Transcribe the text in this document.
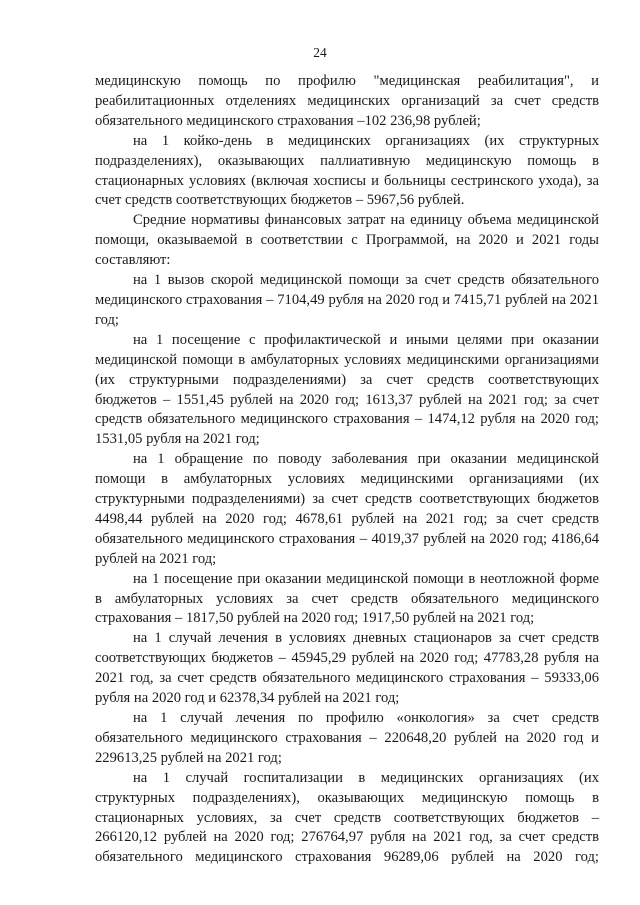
24

медицинскую помощь по профилю "медицинская реабилитация", и реабилитационных отделениях медицинских организаций за счет средств обязательного медицинского страхования –102 236,98 рублей;

на 1 койко-день в медицинских организациях (их структурных подразделениях), оказывающих паллиативную медицинскую помощь в стационарных условиях (включая хосписы и больницы сестринского ухода), за счет средств соответствующих бюджетов – 5967,56 рублей.

Средние нормативы финансовых затрат на единицу объема медицинской помощи, оказываемой в соответствии с Программой, на 2020 и 2021 годы составляют:

на 1 вызов скорой медицинской помощи за счет средств обязательного медицинского страхования – 7104,49 рубля на 2020 год и 7415,71 рублей на 2021 год;

на 1 посещение с профилактической и иными целями при оказании медицинской помощи в амбулаторных условиях медицинскими организациями (их структурными подразделениями) за счет средств соответствующих бюджетов – 1551,45 рублей на 2020 год; 1613,37 рублей на 2021 год; за счет средств обязательного медицинского страхования – 1474,12 рубля на 2020 год; 1531,05 рубля на 2021 год;

на 1 обращение по поводу заболевания при оказании медицинской помощи в амбулаторных условиях медицинскими организациями (их структурными подразделениями) за счет средств соответствующих бюджетов 4498,44 рублей на 2020 год; 4678,61 рублей на 2021 год; за счет средств обязательного медицинского страхования – 4019,37 рублей на 2020 год; 4186,64 рублей на 2021 год;

на 1 посещение при оказании медицинской помощи в неотложной форме в амбулаторных условиях за счет средств обязательного медицинского страхования – 1817,50 рублей на 2020 год; 1917,50 рублей на 2021 год;

на 1 случай лечения в условиях дневных стационаров за счет средств соответствующих бюджетов – 45945,29 рублей на 2020 год; 47783,28 рубля на 2021 год, за счет средств обязательного медицинского страхования – 59333,06 рубля на 2020 год и 62378,34 рублей на 2021 год;

на 1 случай лечения по профилю «онкология» за счет средств обязательного медицинского страхования – 220648,20 рублей на 2020 год и 229613,25 рублей на 2021 год;

на 1 случай госпитализации в медицинских организациях (их структурных подразделениях), оказывающих медицинскую помощь в стационарных условиях, за счет средств соответствующих бюджетов – 266120,12 рублей на 2020 год; 276764,97 рубля на 2021 год, за счет средств обязательного медицинского страхования 96289,06 рублей на 2020 год;
